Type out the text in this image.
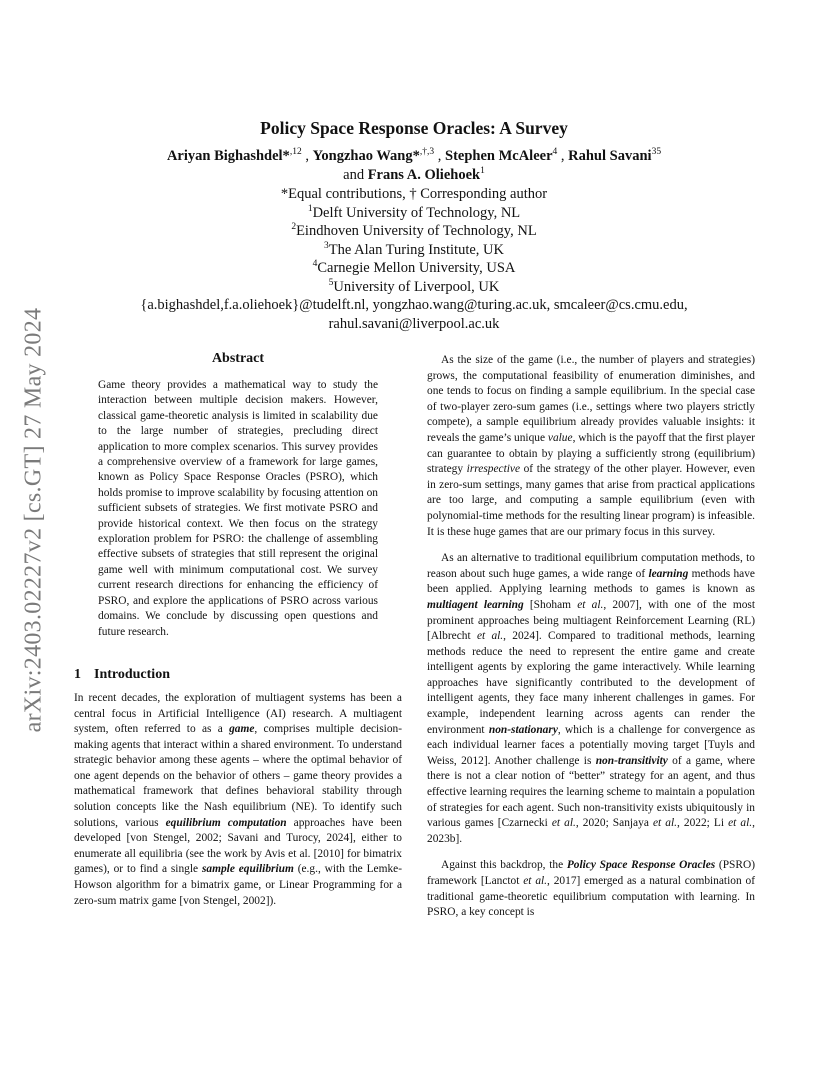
arXiv:2403.02227v2 [cs.GT] 27 May 2024
Policy Space Response Oracles: A Survey
Ariyan Bighashdel*$^{,12}$ , Yongzhao Wang*$^{,\dagger,3}$ , Stephen McAleer$^4$ , Rahul Savani$^{35}$
and Frans A. Oliehoek$^1$
*Equal contributions, † Corresponding author
$^1$Delft University of Technology, NL
$^2$Eindhoven University of Technology, NL
$^3$The Alan Turing Institute, UK
$^4$Carnegie Mellon University, USA
$^5$University of Liverpool, UK
{a.bighashdel,f.a.oliehoek}@tudelft.nl, yongzhao.wang@turing.ac.uk, smcaleer@cs.cmu.edu,
rahul.savani@liverpool.ac.uk
Abstract
Game theory provides a mathematical way to study the interaction between multiple decision makers. However, classical game-theoretic analysis is limited in scalability due to the large number of strategies, precluding direct application to more complex scenarios. This survey provides a comprehensive overview of a framework for large games, known as Policy Space Response Oracles (PSRO), which holds promise to improve scalability by focusing attention on sufficient subsets of strategies. We first motivate PSRO and provide historical context. We then focus on the strategy exploration problem for PSRO: the challenge of assembling effective subsets of strategies that still represent the original game well with minimum computational cost. We survey current research directions for enhancing the efficiency of PSRO, and explore the applications of PSRO across various domains. We conclude by discussing open questions and future research.
1 Introduction

In recent decades, the exploration of multiagent systems has been a central focus in Artificial Intelligence (AI) research. A multiagent system, often referred to as a game, comprises multiple decision-making agents that interact within a shared environment. To understand strategic behavior among these agents – where the optimal behavior of one agent depends on the behavior of others – game theory provides a mathematical framework that defines behavioral stability through solution concepts like the Nash equilibrium (NE). To identify such solutions, various equilibrium computation approaches have been developed [von Stengel, 2002; Savani and Turocy, 2024], either to enumerate all equilibria (see the work by Avis et al. [2010] for bimatrix games), or to find a single sample equilibrium (e.g., with the Lemke-Howson algorithm for a bimatrix game, or Linear Programming for a zero-sum matrix game [von Stengel, 2002]).

As the size of the game (i.e., the number of players and strategies) grows, the computational feasibility of enumeration diminishes, and one tends to focus on finding a sample equilibrium. In the special case of two-player zero-sum games (i.e., settings where two players strictly compete), a sample equilibrium already provides valuable insights: it reveals the game’s unique value, which is the payoff that the first player can guarantee to obtain by playing a sufficiently strong (equilibrium) strategy irrespective of the strategy of the other player. However, even in zero-sum settings, many games that arise from practical applications are too large, and computing a sample equilibrium (even with polynomial-time methods for the resulting linear program) is infeasible. It is these huge games that are our primary focus in this survey.

As an alternative to traditional equilibrium computation methods, to reason about such huge games, a wide range of learning methods have been applied. Applying learning methods to games is known as multiagent learning [Shoham et al., 2007], with one of the most prominent approaches being multiagent Reinforcement Learning (RL) [Albrecht et al., 2024]. Compared to traditional methods, learning methods reduce the need to represent the entire game and create intelligent agents by exploring the game interactively. While learning approaches have significantly contributed to the development of intelligent agents, they face many inherent challenges in games. For example, independent learning across agents can render the environment non-stationary, which is a challenge for convergence as each individual learner faces a potentially moving target [Tuyls and Weiss, 2012]. Another challenge is non-transitivity of a game, where there is not a clear notion of “better” strategy for an agent, and thus effective learning requires the learning scheme to maintain a population of strategies for each agent. Such non-transitivity exists ubiquitously in various games [Czarnecki et al., 2020; Sanjaya et al., 2022; Li et al., 2023b].

Against this backdrop, the Policy Space Response Oracles (PSRO) framework [Lanctot et al., 2017] emerged as a natural combination of traditional game-theoretic equilibrium computation with learning. In PSRO, a key concept is
